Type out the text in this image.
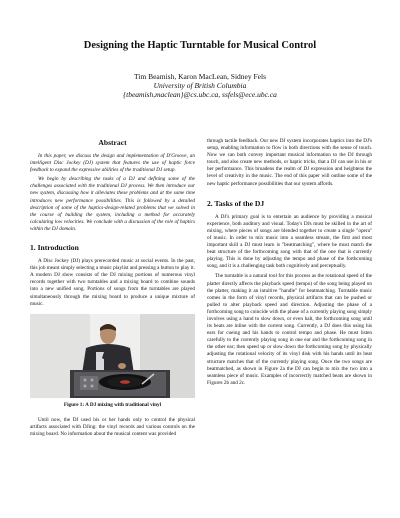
Designing the Haptic Turntable for Musical Control
Tim Beamish, Karon MacLean, Sidney Fels
University of British Columbia
{tbeamish,maclean}@cs.ubc.ca, ssfels@ece.ubc.ca
Abstract

In this paper, we discuss the design and implementation of D'Groove, an intelligent Disc Jockey (DJ) system that features the use of haptic force feedback to expand the expressive abilities of the traditional DJ setup.

We begin by describing the tasks of a DJ and defining some of the challenges associated with the traditional DJ process. We then introduce our new system, discussing how it alleviates these problems and at the same time introduces new performance possibilities. This is followed by a detailed description of some of the haptics-design-related problems that we solved in the course of building the system, including a method for accurately calculating low velocities. We conclude with a discussion of the role of haptics within the DJ domain.

1. Introduction

A Disc Jockey (DJ) plays prerecorded music at social events. In the past, this job meant simply selecting a music playlist and pressing a button to play it. A modern DJ show consists of the DJ mixing portions of numerous vinyl records together with two turntables and a mixing board to combine sounds into a new unified song. Portions of songs from the turntables are played simultaneously through the mixing board to produce a unique mixture of music.

Figure 1: A DJ mixing with traditional vinyl

Until now, the DJ used his or her hands only to control the physical artifacts associated with DJing: the vinyl records and various controls on the mixing board. No information about the musical content was provided

through tactile feedback. Our new DJ system incorporates haptics into the DJ's setup, enabling information to flow in both directions with the sense of touch. Now we can both convey important musical information to the DJ through touch, and also create new methods, or haptic tricks, that a DJ can use in his or her performance. This broadens the realm of DJ expression and heightens the level of creativity in the music. The end of this paper will outline some of the new haptic performance possibilities that our system affords.

2. Tasks of the DJ

A DJ's primary goal is to entertain an audience by providing a musical experience, both auditory and visual. Today's DJs must be skilled in the art of mixing, where pieces of songs are blended together to create a single "opera" of music. In order to mix music into a seamless stream, the first and most important skill a DJ must learn is "beatmatching", where he must match the beat structure of the forthcoming song with that of the one that is currently playing. This is done by adjusting the tempo and phase of the forthcoming song, and it is a challenging task both cognitively and perceptually.

The turntable is a natural tool for this process as the rotational speed of the platter directly affects the playback speed (tempo) of the song being played on the platter, making it an intuitive "handle" for beatmatching. Turntable music comes in the form of vinyl records, physical artifacts that can be pushed or pulled to alter playback speed and direction. Adjusting the phase of a forthcoming song to coincide with the phase of a currently playing song simply involves using a hand to slow down, or even halt, the forthcoming song until its beats are inline with the current song. Currently, a DJ does this using his ears for cueing and his hands to control tempo and phase. He must listen carefully to the currently playing song in one ear and the forthcoming song in the other ear; then speed up or slow down the forthcoming song by physically adjusting the rotational velocity of its vinyl disk with his hands until its beat structure matches that of the currently playing song. Once the two songs are beatmatched, as shown in Figure 2a the DJ can begin to mix the two into a seamless piece of music. Examples of incorrectly matched beats are shown in Figures 2b and 2c.
